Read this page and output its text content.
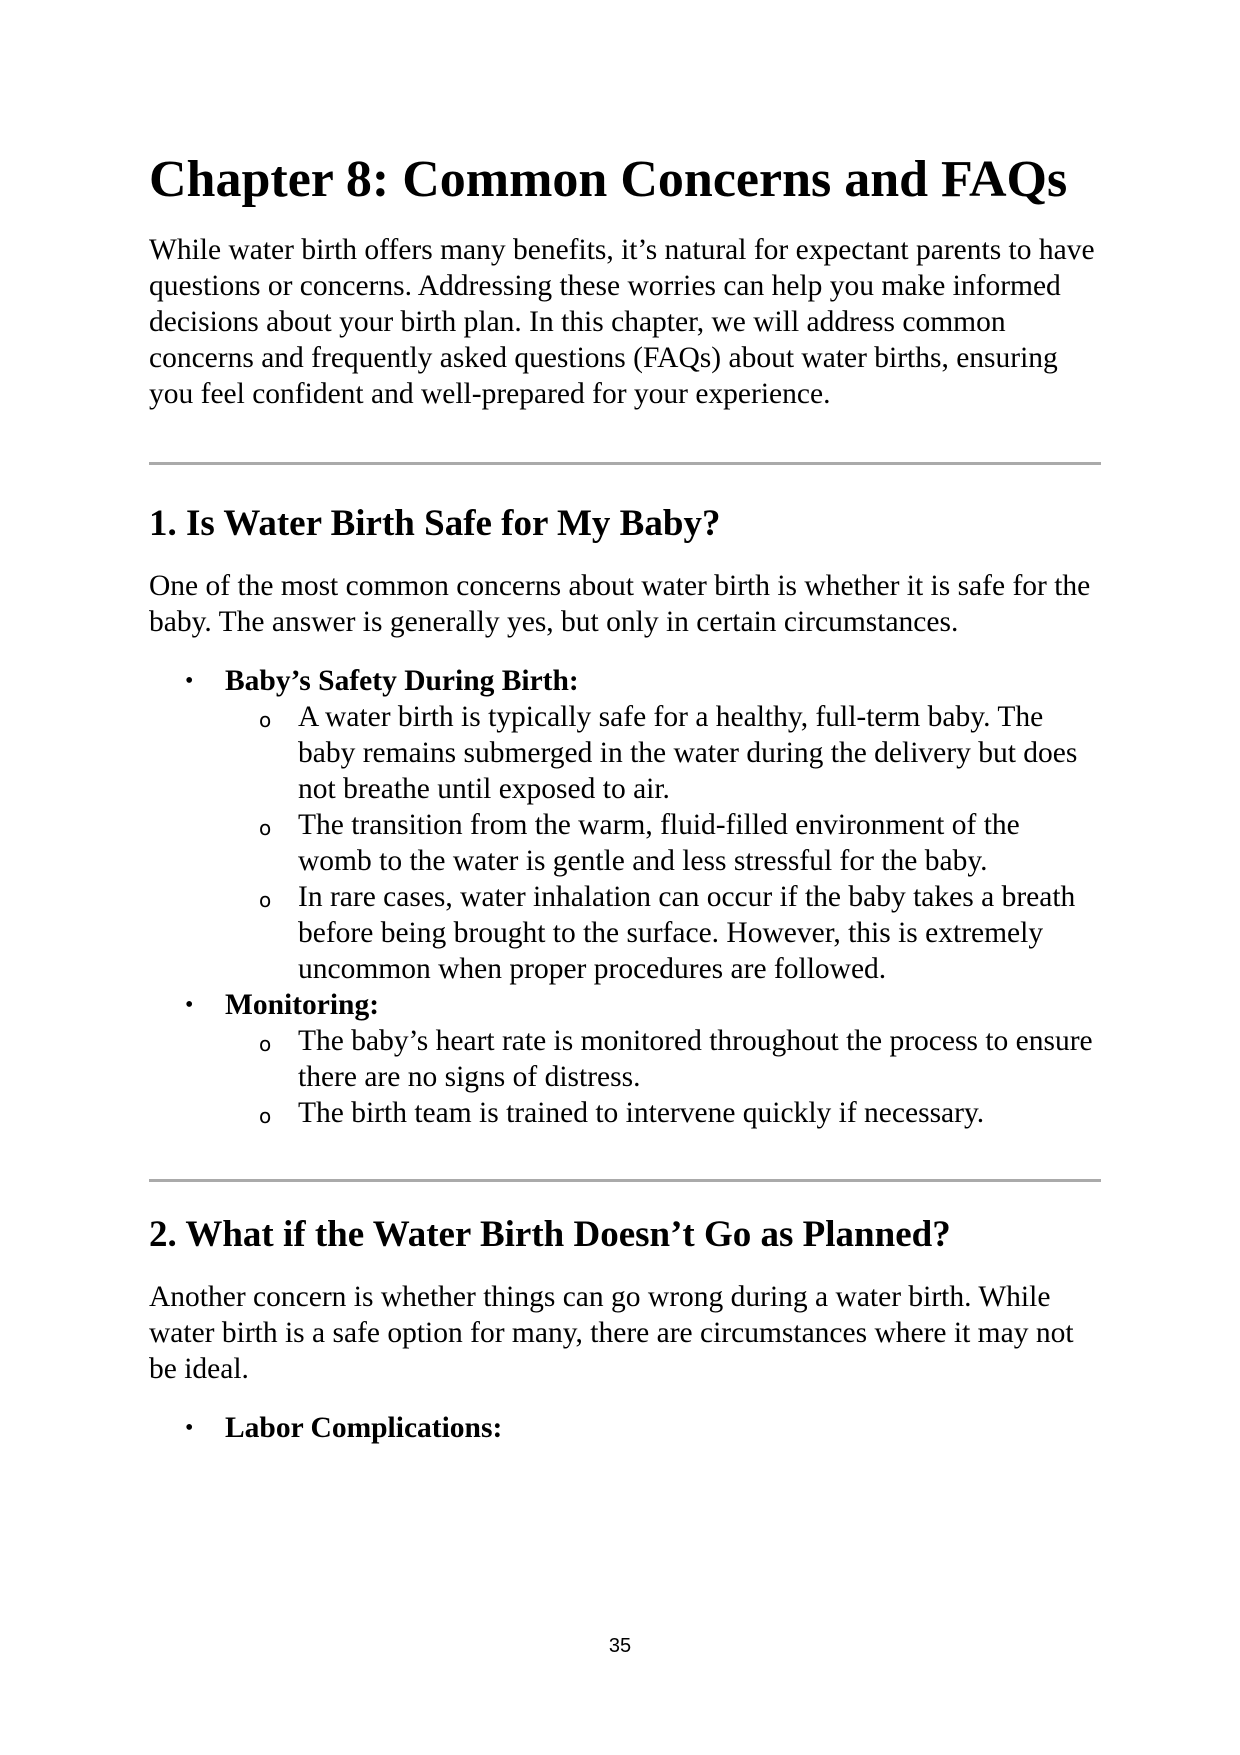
Chapter 8: Common Concerns and FAQs

While water birth offers many benefits, it’s natural for expectant parents to have questions or concerns. Addressing these worries can help you make informed decisions about your birth plan. In this chapter, we will address common concerns and frequently asked questions (FAQs) about water births, ensuring you feel confident and well-prepared for your experience.

1. Is Water Birth Safe for My Baby?

One of the most common concerns about water birth is whether it is safe for the baby. The answer is generally yes, but only in certain circumstances.

• Baby’s Safety During Birth:
o A water birth is typically safe for a healthy, full-term baby. The baby remains submerged in the water during the delivery but does not breathe until exposed to air.
o The transition from the warm, fluid-filled environment of the womb to the water is gentle and less stressful for the baby.
o In rare cases, water inhalation can occur if the baby takes a breath before being brought to the surface. However, this is extremely uncommon when proper procedures are followed.
• Monitoring:
o The baby’s heart rate is monitored throughout the process to ensure there are no signs of distress.
o The birth team is trained to intervene quickly if necessary.
2. What if the Water Birth Doesn’t Go as Planned?

Another concern is whether things can go wrong during a water birth. While water birth is a safe option for many, there are circumstances where it may not be ideal.

• Labor Complications:
35
